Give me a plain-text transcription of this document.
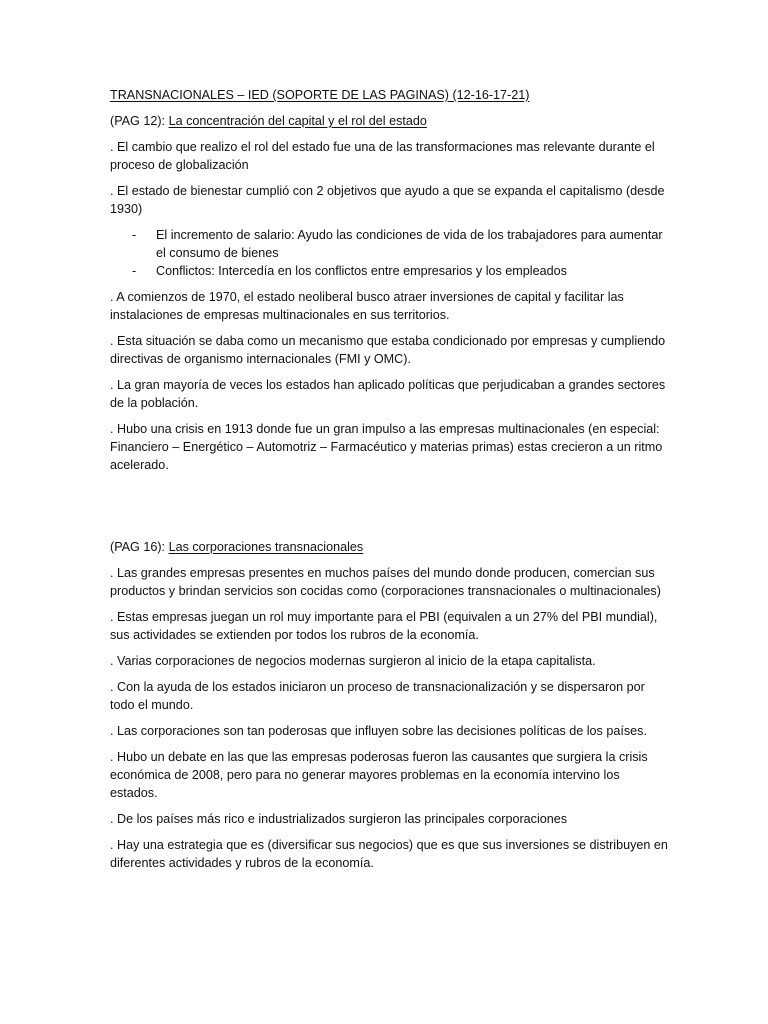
TRANSNACIONALES – IED (SOPORTE DE LAS PAGINAS) (12-16-17-21)

(PAG 12): La concentración del capital y el rol del estado

. El cambio que realizo el rol del estado fue una de las transformaciones mas relevante durante el proceso de globalización

. El estado de bienestar cumplió con 2 objetivos que ayudo a que se expanda el capitalismo (desde 1930)

- El incremento de salario: Ayudo las condiciones de vida de los trabajadores para aumentar el consumo de bienes
- Conflictos: Intercedía en los conflictos entre empresarios y los empleados

. A comienzos de 1970, el estado neoliberal busco atraer inversiones de capital y facilitar las instalaciones de empresas multinacionales en sus territorios.

. Esta situación se daba como un mecanismo que estaba condicionado por empresas y cumpliendo directivas de organismo internacionales (FMI y OMC).

. La gran mayoría de veces los estados han aplicado políticas que perjudicaban a grandes sectores de la población.

. Hubo una crisis en 1913 donde fue un gran impulso a las empresas multinacionales (en especial: Financiero – Energético – Automotriz – Farmacéutico y materias primas) estas crecieron a un ritmo acelerado.

(PAG 16): Las corporaciones transnacionales

. Las grandes empresas presentes en muchos países del mundo donde producen, comercian sus productos y brindan servicios son cocidas como (corporaciones transnacionales o multinacionales)

. Estas empresas juegan un rol muy importante para el PBI (equivalen a un 27% del PBI mundial), sus actividades se extienden por todos los rubros de la economía.

. Varias corporaciones de negocios modernas surgieron al inicio de la etapa capitalista.

. Con la ayuda de los estados iniciaron un proceso de transnacionalización y se dispersaron por todo el mundo.

. Las corporaciones son tan poderosas que influyen sobre las decisiones políticas de los países.

. Hubo un debate en las que las empresas poderosas fueron las causantes que surgiera la crisis económica de 2008, pero para no generar mayores problemas en la economía intervino los estados.

. De los países más rico e industrializados surgieron las principales corporaciones

. Hay una estrategia que es (diversificar sus negocios) que es que sus inversiones se distribuyen en diferentes actividades y rubros de la economía.
